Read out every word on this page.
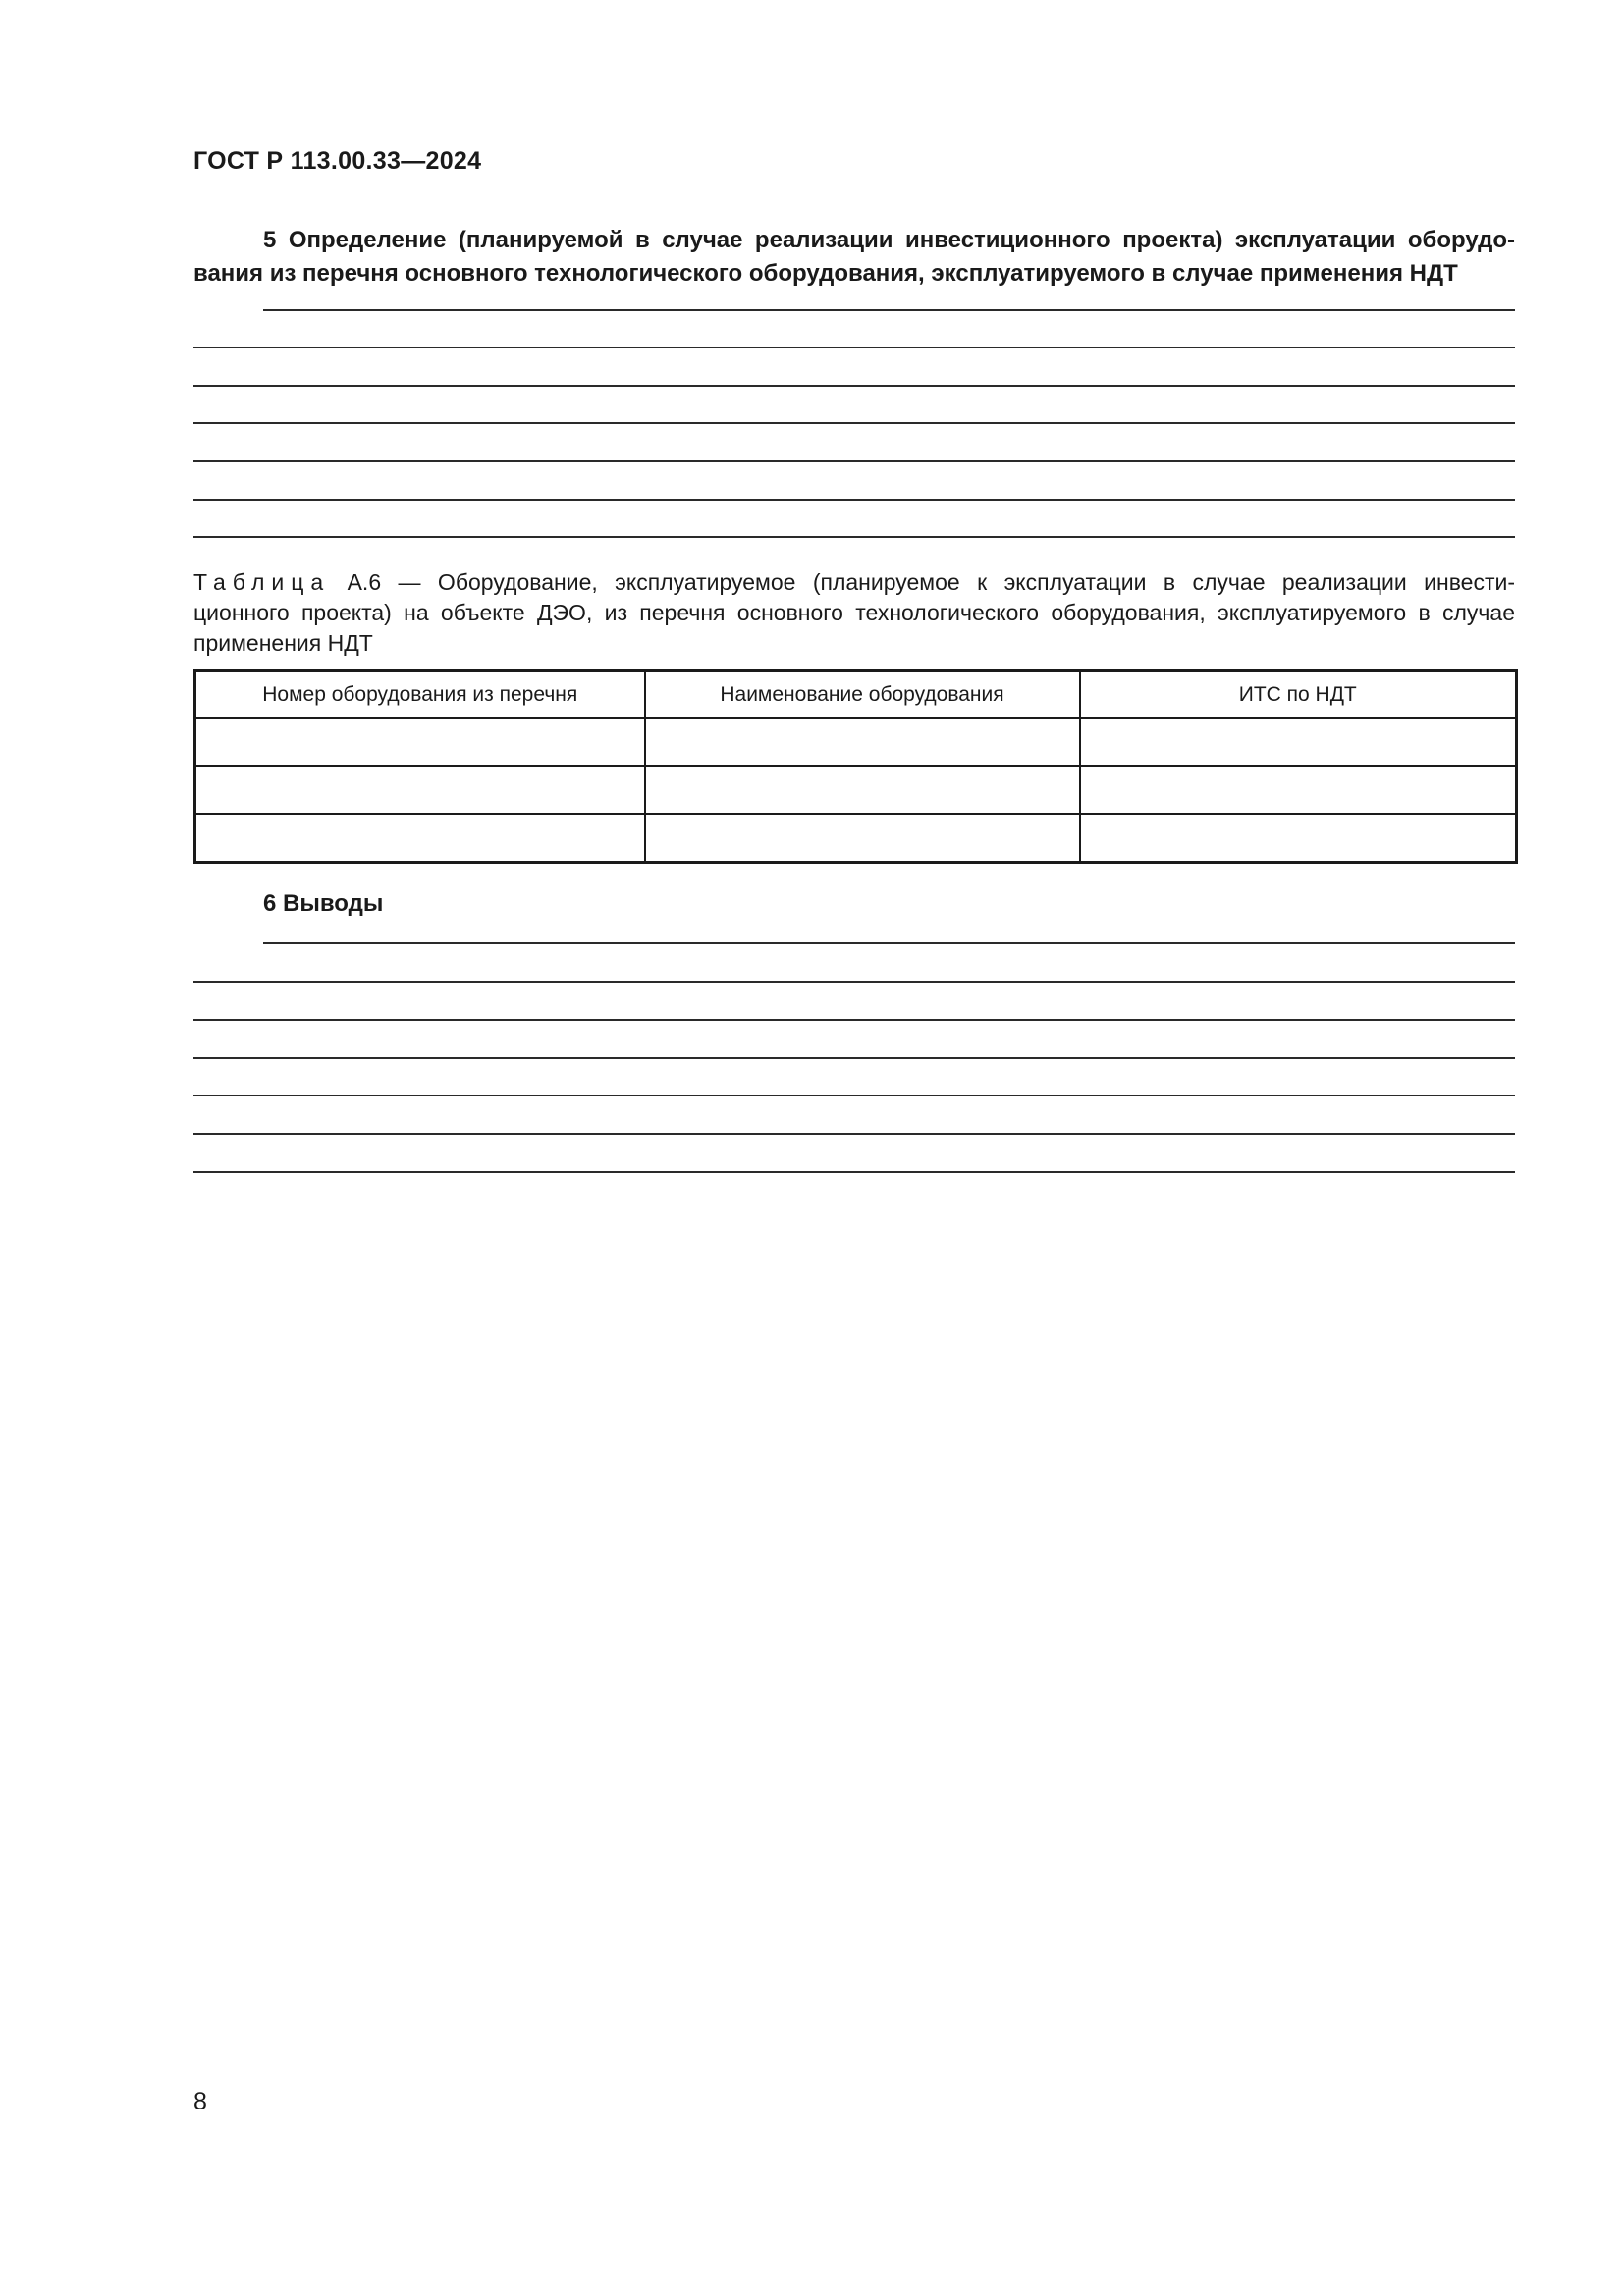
ГОСТ Р 113.00.33—2024
5 Определение (планируемой в случае реализации инвестиционного проекта) эксплуатации оборудо-
вания из перечня основного технологического оборудования, эксплуатируемого в случае применения НДТ
Таблица А.6 — Оборудование, эксплуатируемое (планируемое к эксплуатации в случае реализации инвести-
ционного проекта) на объекте ДЭО, из перечня основного технологического оборудования, эксплуатируемого в случае применения НДТ
Номер оборудования из перечня	Наименование оборудования	ИТС по НДТ

6 Выводы
8
